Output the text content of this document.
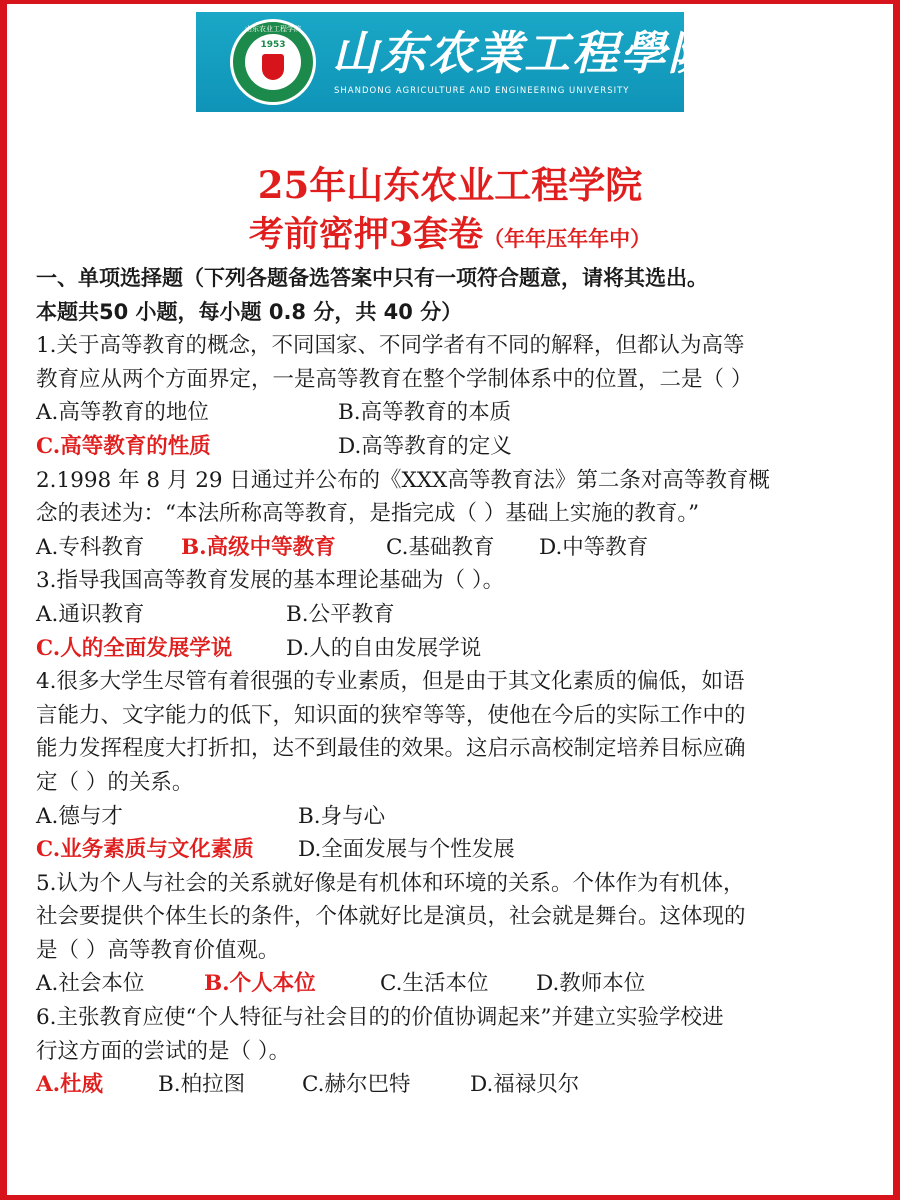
山东农业工程学院
1953	山东农業工程學院
SHANDONG AGRICULTURE AND ENGINEERING UNIVERSITY
25年山东农业工程学院
考前密押3套卷（年年压年年中）
一、单项选择题（下列各题备选答案中只有一项符合题意，请将其选出。
本题共50 小题，每小题 0.8 分，共 40 分）
1.关于高等教育的概念，不同国家、不同学者有不同的解释，但都认为高等
教育应从两个方面界定，一是高等教育在整个学制体系中的位置，二是（ ）
A.高等教育的地位	B.高等教育的本质
C.高等教育的性质	D.高等教育的定义
2.1998 年 8 月 29 日通过并公布的《XXX高等教育法》第二条对高等教育概
念的表述为：“本法所称高等教育，是指完成（ ）基础上实施的教育。”
A.专科教育 B.高级中等教育 C.基础教育 D.中等教育
3.指导我国高等教育发展的基本理论基础为（ ）。
A.通识教育	B.公平教育
C.人的全面发展学说	D.人的自由发展学说
4.很多大学生尽管有着很强的专业素质，但是由于其文化素质的偏低，如语
言能力、文字能力的低下，知识面的狭窄等等，使他在今后的实际工作中的
能力发挥程度大打折扣，达不到最佳的效果。这启示高校制定培养目标应确
定（ ）的关系。
A.德与才	B.身与心
C.业务素质与文化素质 D.全面发展与个性发展
5.认为个人与社会的关系就好像是有机体和环境的关系。个体作为有机体，
社会要提供个体生长的条件，个体就好比是演员，社会就是舞台。这体现的
是（ ）高等教育价值观。
A.社会本位	B.个人本位	C.生活本位 D.教师本位
6.主张教育应使“个人特征与社会目的的价值协调起来”并建立实验学校进
行这方面的尝试的是（ ）。
A.杜威	B.柏拉图	C.赫尔巴特	D.福禄贝尔
